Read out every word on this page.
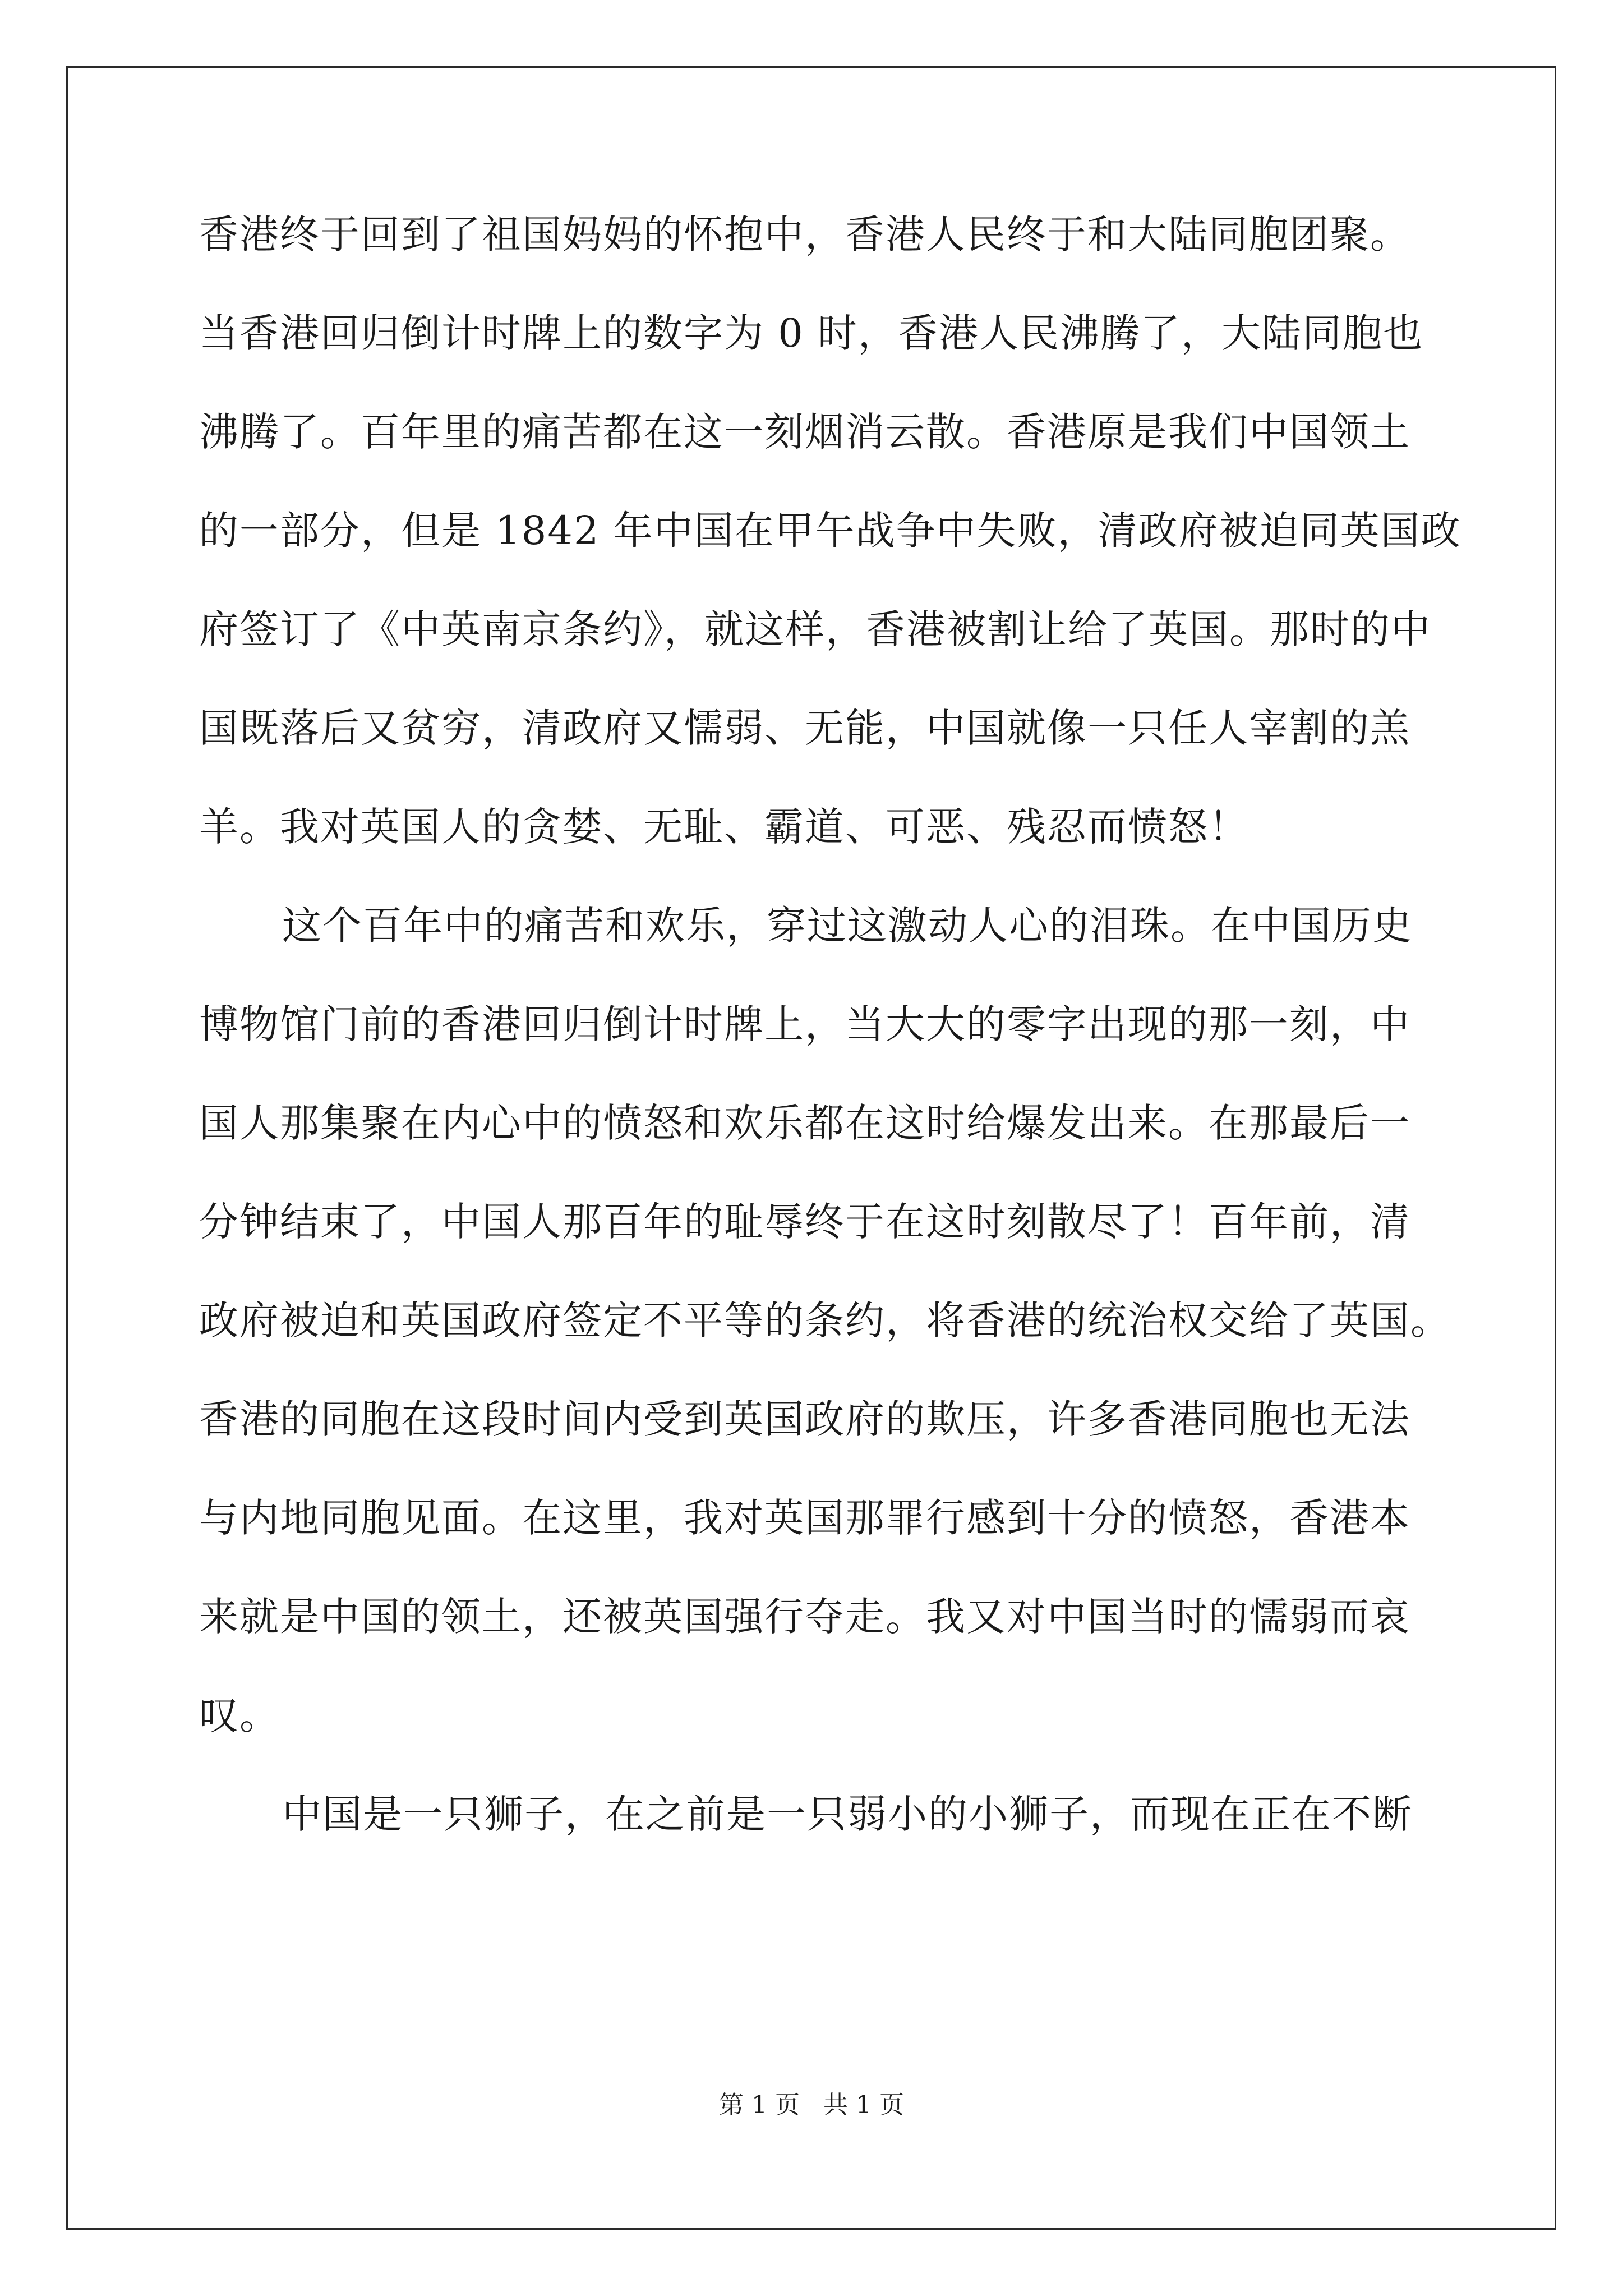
香港终于回到了祖国妈妈的怀抱中，香港人民终于和大陆同胞团聚。
当香港回归倒计时牌上的数字为 0 时，香港人民沸腾了，大陆同胞也
沸腾了。百年里的痛苦都在这一刻烟消云散。香港原是我们中国领土
的一部分，但是 1842 年中国在甲午战争中失败，清政府被迫同英国政
府签订了《中英南京条约》，就这样，香港被割让给了英国。那时的中
国既落后又贫穷，清政府又懦弱、无能，中国就像一只任人宰割的羔
羊。我对英国人的贪婪、无耻、霸道、可恶、残忍而愤怒！
这个百年中的痛苦和欢乐，穿过这激动人心的泪珠。在中国历史
博物馆门前的香港回归倒计时牌上，当大大的零字出现的那一刻，中
国人那集聚在内心中的愤怒和欢乐都在这时给爆发出来。在那最后一
分钟结束了，中国人那百年的耻辱终于在这时刻散尽了！百年前，清
政府被迫和英国政府签定不平等的条约，将香港的统治权交给了英国。
香港的同胞在这段时间内受到英国政府的欺压，许多香港同胞也无法
与内地同胞见面。在这里，我对英国那罪行感到十分的愤怒，香港本
来就是中国的领土，还被英国强行夺走。我又对中国当时的懦弱而哀
叹。
中国是一只狮子，在之前是一只弱小的小狮子，而现在正在不断
第 1 页 共 1 页
